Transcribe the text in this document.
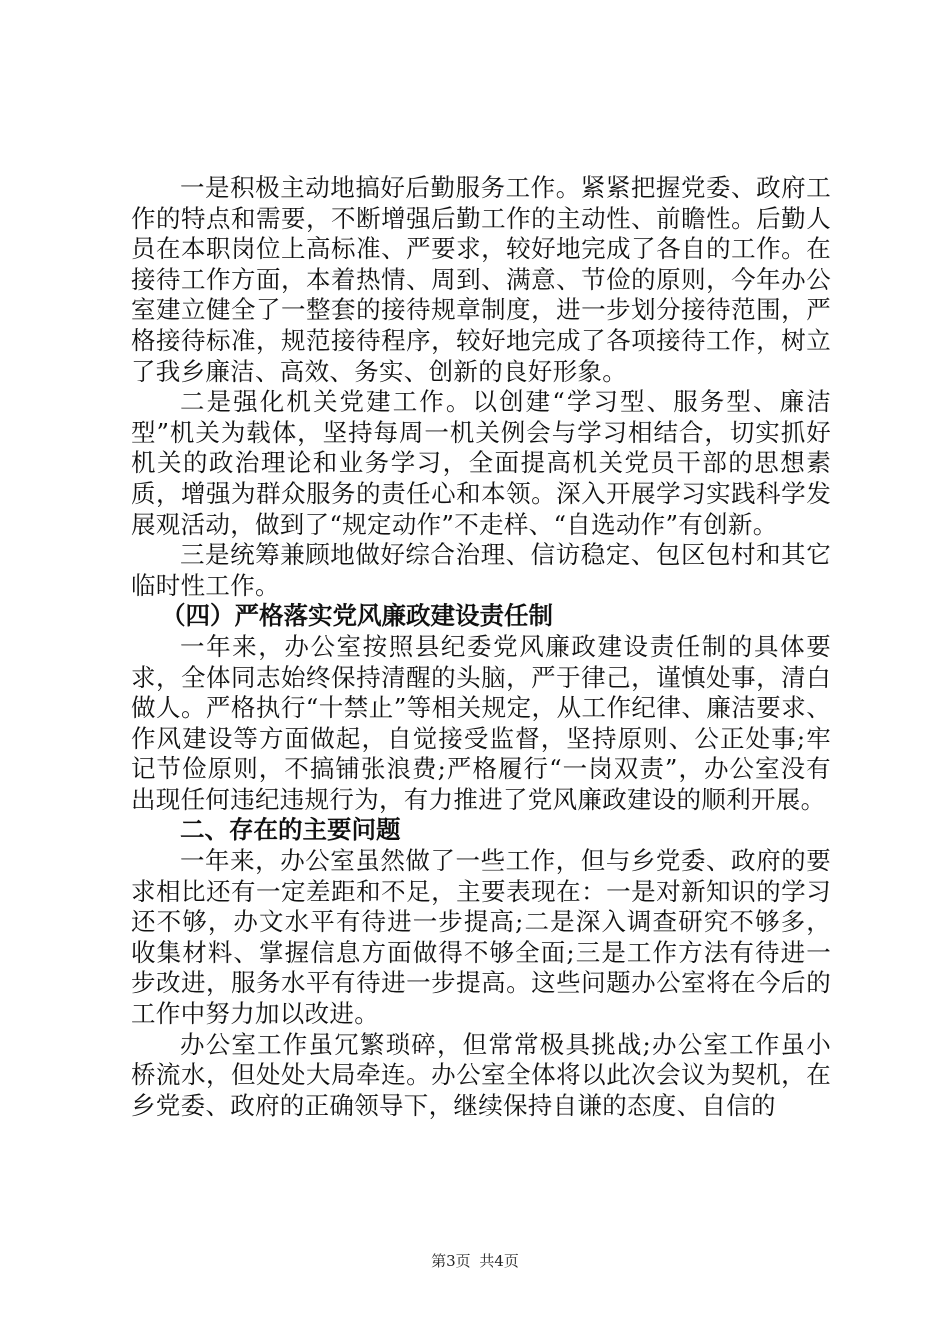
一是积极主动地搞好后勤服务工作。紧紧把握党委、政府工作的特点和需要，不断增强后勤工作的主动性、前瞻性。后勤人员在本职岗位上高标准、严要求，较好地完成了各自的工作。在接待工作方面，本着热情、周到、满意、节俭的原则，今年办公室建立健全了一整套的接待规章制度，进一步划分接待范围，严格接待标准，规范接待程序，较好地完成了各项接待工作，树立了我乡廉洁、高效、务实、创新的良好形象。

二是强化机关党建工作。以创建“学习型、服务型、廉洁型”机关为载体，坚持每周一机关例会与学习相结合，切实抓好机关的政治理论和业务学习，全面提高机关党员干部的思想素质，增强为群众服务的责任心和本领。深入开展学习实践科学发展观活动，做到了“规定动作”不走样、“自选动作”有创新。

三是统筹兼顾地做好综合治理、信访稳定、包区包村和其它临时性工作。

（四）严格落实党风廉政建设责任制

一年来，办公室按照县纪委党风廉政建设责任制的具体要求，全体同志始终保持清醒的头脑，严于律己，谨慎处事，清白做人。严格执行“十禁止”等相关规定，从工作纪律、廉洁要求、作风建设等方面做起，自觉接受监督，坚持原则、公正处事;牢记节俭原则，不搞铺张浪费;严格履行“一岗双责”，办公室没有出现任何违纪违规行为，有力推进了党风廉政建设的顺利开展。

二、存在的主要问题

一年来，办公室虽然做了一些工作，但与乡党委、政府的要求相比还有一定差距和不足，主要表现在：一是对新知识的学习还不够，办文水平有待进一步提高;二是深入调查研究不够多，收集材料、掌握信息方面做得不够全面;三是工作方法有待进一步改进，服务水平有待进一步提高。这些问题办公室将在今后的工作中努力加以改进。

办公室工作虽冗繁琐碎，但常常极具挑战;办公室工作虽小桥流水，但处处大局牵连。办公室全体将以此次会议为契机，在乡党委、政府的正确领导下，继续保持自谦的态度、自信的

第3页 共4页
